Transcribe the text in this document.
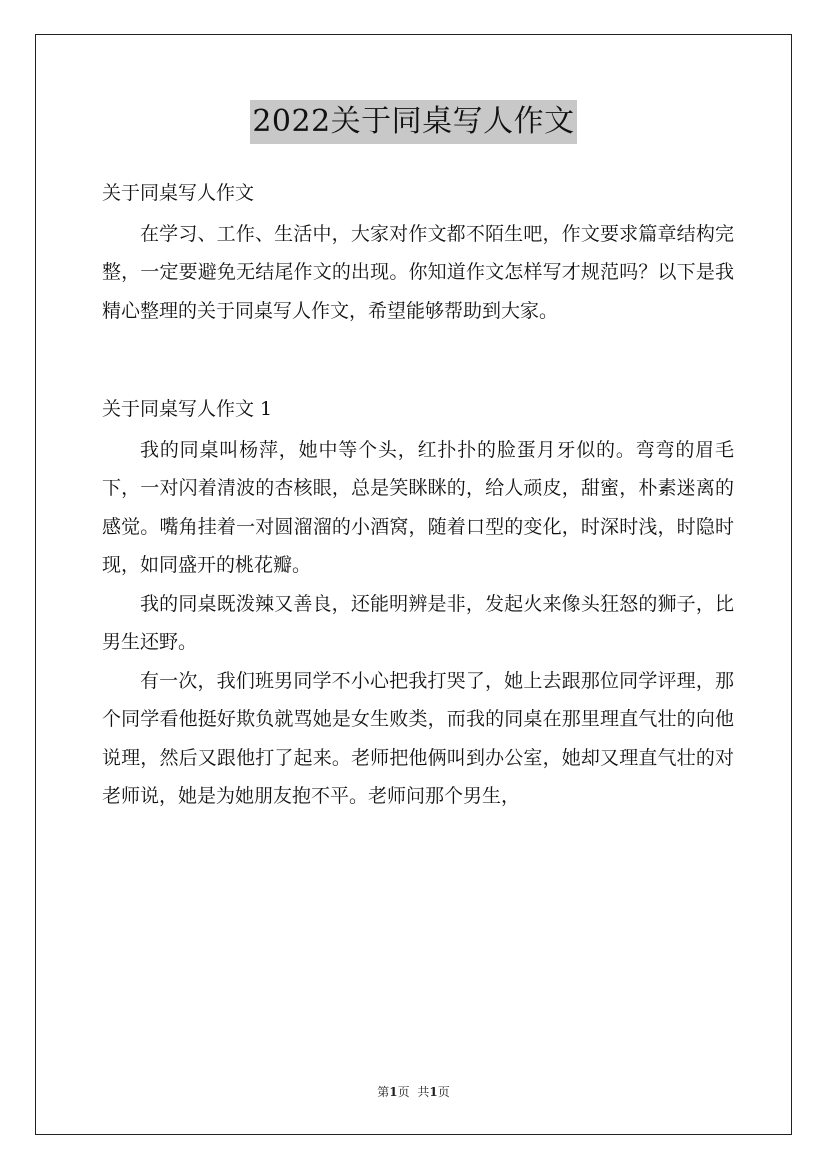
2022关于同桌写人作文

关于同桌写人作文

在学习、工作、生活中，大家对作文都不陌生吧，作文要求篇章结构完整，一定要避免无结尾作文的出现。你知道作文怎样写才规范吗？以下是我精心整理的关于同桌写人作文，希望能够帮助到大家。

关于同桌写人作文 1

我的同桌叫杨萍，她中等个头，红扑扑的脸蛋月牙似的。弯弯的眉毛下，一对闪着清波的杏核眼，总是笑眯眯的，给人顽皮，甜蜜，朴素迷离的感觉。嘴角挂着一对圆溜溜的小酒窝，随着口型的变化，时深时浅，时隐时现，如同盛开的桃花瓣。

我的同桌既泼辣又善良，还能明辨是非，发起火来像头狂怒的狮子，比男生还野。

有一次，我们班男同学不小心把我打哭了，她上去跟那位同学评理，那个同学看他挺好欺负就骂她是女生败类，而我的同桌在那里理直气壮的向他说理，然后又跟他打了起来。老师把他俩叫到办公室，她却又理直气壮的对老师说，她是为她朋友抱不平。老师问那个男生，

第1页 共1页
